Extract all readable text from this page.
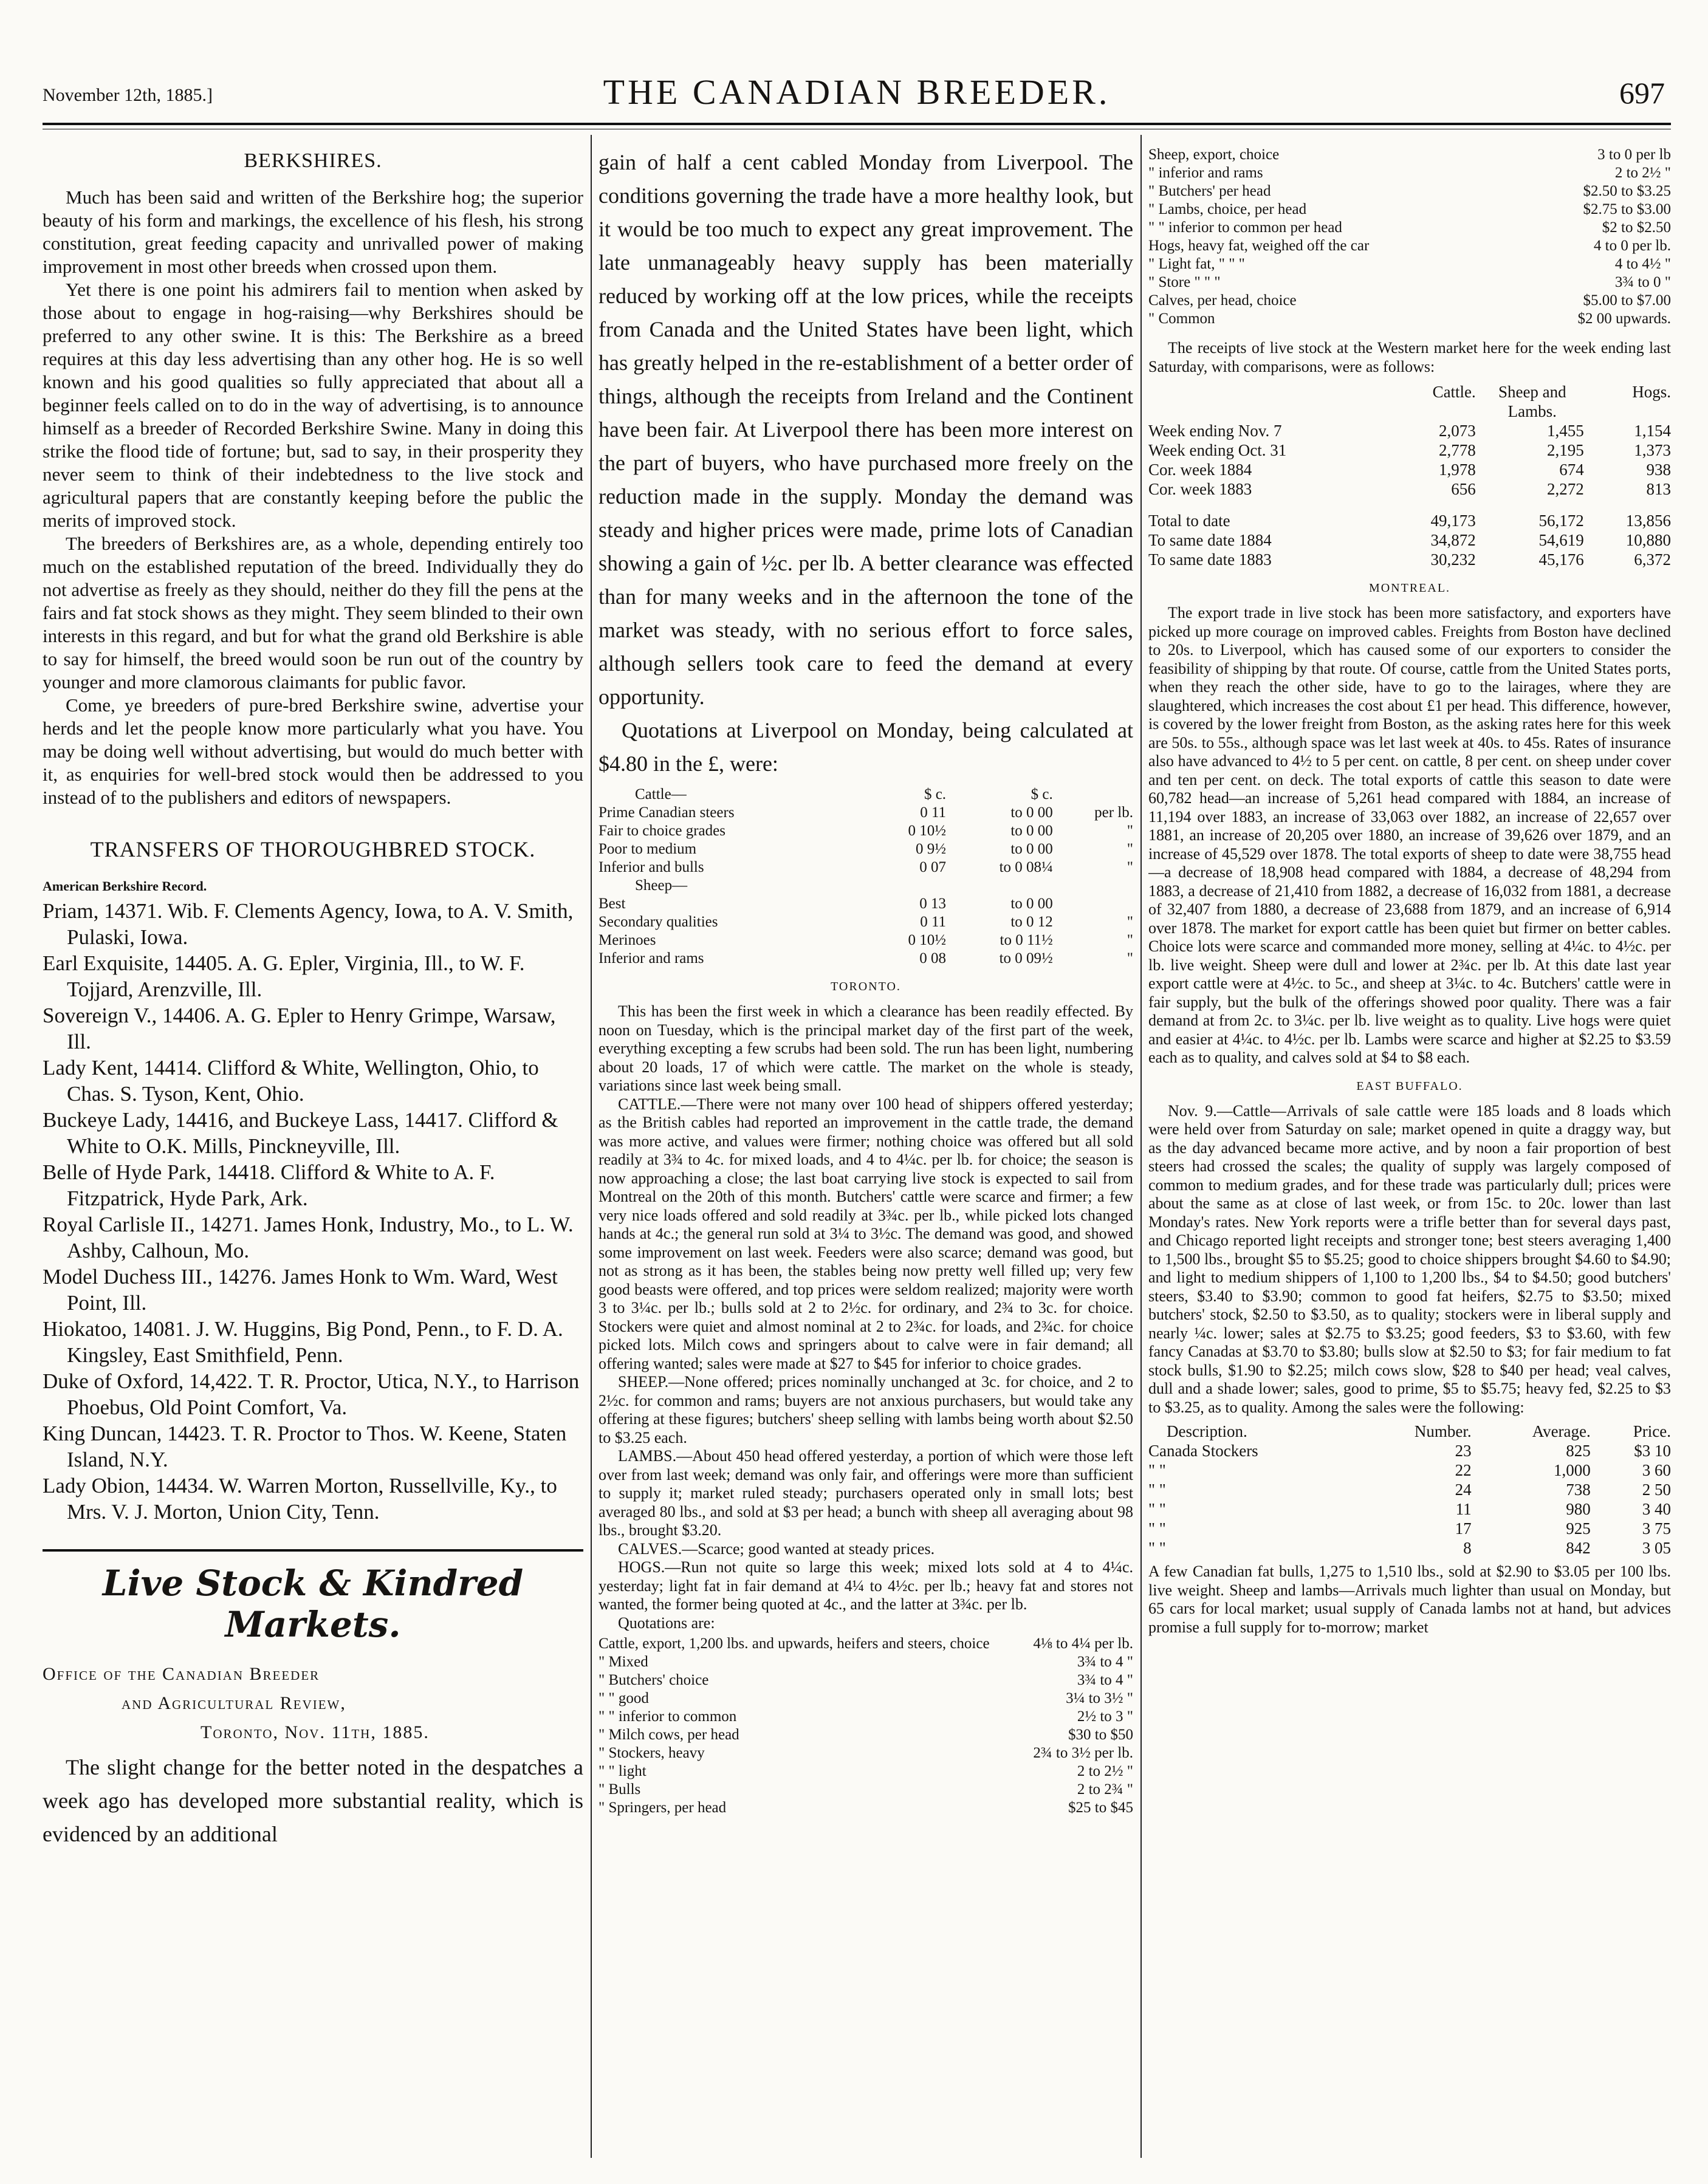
November 12th, 1885.]	THE CANADIAN BREEDER.	697
BERKSHIRES.

Much has been said and written of the Berkshire hog; the superior beauty of his form and markings, the excellence of his flesh, his strong constitution, great feeding capacity and unrivalled power of making improvement in most other breeds when crossed upon them.

Yet there is one point his admirers fail to mention when asked by those about to engage in hog-raising—why Berkshires should be preferred to any other swine. It is this: The Berkshire as a breed requires at this day less advertising than any other hog. He is so well known and his good qualities so fully appreciated that about all a beginner feels called on to do in the way of advertising, is to announce himself as a breeder of Recorded Berkshire Swine. Many in doing this strike the flood tide of fortune; but, sad to say, in their prosperity they never seem to think of their indebtedness to the live stock and agricultural papers that are constantly keeping before the public the merits of improved stock.

The breeders of Berkshires are, as a whole, depending entirely too much on the established reputation of the breed. Individually they do not advertise as freely as they should, neither do they fill the pens at the fairs and fat stock shows as they might. They seem blinded to their own interests in this regard, and but for what the grand old Berkshire is able to say for himself, the breed would soon be run out of the country by younger and more clamorous claimants for public favor.

Come, ye breeders of pure-bred Berkshire swine, advertise your herds and let the people know more particularly what you have. You may be doing well without advertising, but would do much better with it, as enquiries for well-bred stock would then be addressed to you instead of to the publishers and editors of newspapers.

TRANSFERS OF THOROUGHBRED STOCK.
American Berkshire Record.

Priam, 14371. Wib. F. Clements Agency, Iowa, to A. V. Smith, Pulaski, Iowa.

Earl Exquisite, 14405. A. G. Epler, Virginia, Ill., to W. F. Tojjard, Arenzville, Ill.

Sovereign V., 14406. A. G. Epler to Henry Grimpe, Warsaw, Ill.

Lady Kent, 14414. Clifford & White, Wellington, Ohio, to Chas. S. Tyson, Kent, Ohio.

Buckeye Lady, 14416, and Buckeye Lass, 14417. Clifford & White to O.K. Mills, Pinckneyville, Ill.

Belle of Hyde Park, 14418. Clifford & White to A. F. Fitzpatrick, Hyde Park, Ark.

Royal Carlisle II., 14271. James Honk, Industry, Mo., to L. W. Ashby, Calhoun, Mo.

Model Duchess III., 14276. James Honk to Wm. Ward, West Point, Ill.

Hiokatoo, 14081. J. W. Huggins, Big Pond, Penn., to F. D. A. Kingsley, East Smithfield, Penn.

Duke of Oxford, 14,422. T. R. Proctor, Utica, N.Y., to Harrison Phoebus, Old Point Comfort, Va.

King Duncan, 14423. T. R. Proctor to Thos. W. Keene, Staten Island, N.Y.

Lady Obion, 14434. W. Warren Morton, Russellville, Ky., to Mrs. V. J. Morton, Union City, Tenn.

Live Stock & Kindred Markets.
Office of the Canadian Breeder
and Agricultural Review,
Toronto, Nov. 11th, 1885.

The slight change for the better noted in the despatches a week ago has developed more substantial reality, which is evidenced by an additional

gain of half a cent cabled Monday from Liverpool. The conditions governing the trade have a more healthy look, but it would be too much to expect any great improvement. The late unmanageably heavy supply has been materially reduced by working off at the low prices, while the receipts from Canada and the United States have been light, which has greatly helped in the re-establishment of a better order of things, although the receipts from Ireland and the Continent have been fair. At Liverpool there has been more interest on the part of buyers, who have purchased more freely on the reduction made in the supply. Monday the demand was steady and higher prices were made, prime lots of Canadian showing a gain of ½c. per lb. A better clearance was effected than for many weeks and in the afternoon the tone of the market was steady, with no serious effort to force sales, although sellers took care to feed the demand at every opportunity.

Quotations at Liverpool on Monday, being calculated at $4.80 in the £, were:

Cattle—	$ c.	$ c.	
Prime Canadian steers	0 11	to 0 00	per lb.
Fair to choice grades	0 10½	to 0 00	"
Poor to medium	0 9½	to 0 00	"
Inferior and bulls	0 07	to 0 08¼	"
Sheep—			
Best	0 13	to 0 00	
Secondary qualities	0 11	to 0 12	"
Merinoes	0 10½	to 0 11½	"
Inferior and rams	0 08	to 0 09½	"
TORONTO.

This has been the first week in which a clearance has been readily effected. By noon on Tuesday, which is the principal market day of the first part of the week, everything excepting a few scrubs had been sold. The run has been light, numbering about 20 loads, 17 of which were cattle. The market on the whole is steady, variations since last week being small.

CATTLE.—There were not many over 100 head of shippers offered yesterday; as the British cables had reported an improvement in the cattle trade, the demand was more active, and values were firmer; nothing choice was offered but all sold readily at 3¾ to 4c. for mixed loads, and 4 to 4¼c. per lb. for choice; the season is now approaching a close; the last boat carrying live stock is expected to sail from Montreal on the 20th of this month. Butchers' cattle were scarce and firmer; a few very nice loads offered and sold readily at 3¾c. per lb., while picked lots changed hands at 4c.; the general run sold at 3¼ to 3½c. The demand was good, and showed some improvement on last week. Feeders were also scarce; demand was good, but not as strong as it has been, the stables being now pretty well filled up; very few good beasts were offered, and top prices were seldom realized; majority were worth 3 to 3¼c. per lb.; bulls sold at 2 to 2½c. for ordinary, and 2¾ to 3c. for choice. Stockers were quiet and almost nominal at 2 to 2¾c. for loads, and 2¾c. for choice picked lots. Milch cows and springers about to calve were in fair demand; all offering wanted; sales were made at $27 to $45 for inferior to choice grades.

SHEEP.—None offered; prices nominally unchanged at 3c. for choice, and 2 to 2½c. for common and rams; buyers are not anxious purchasers, but would take any offering at these figures; butchers' sheep selling with lambs being worth about $2.50 to $3.25 each.

LAMBS.—About 450 head offered yesterday, a portion of which were those left over from last week; demand was only fair, and offerings were more than sufficient to supply it; market ruled steady; purchasers operated only in small lots; best averaged 80 lbs., and sold at $3 per head; a bunch with sheep all averaging about 98 lbs., brought $3.20.

CALVES.—Scarce; good wanted at steady prices.

HOGS.—Run not quite so large this week; mixed lots sold at 4 to 4¼c. yesterday; light fat in fair demand at 4¼ to 4½c. per lb.; heavy fat and stores not wanted, the former being quoted at 4c., and the latter at 3¾c. per lb.

Quotations are:

Cattle, export, 1,200 lbs. and upwards, heifers and steers, choice	4⅛ to 4¼ per lb.
" Mixed	3¾ to 4 "
" Butchers' choice	3¾ to 4 "
" " good	3¼ to 3½ "
" " inferior to common	2½ to 3 "
" Milch cows, per head	$30 to $50
" Stockers, heavy	2¾ to 3½ per lb.
" " light	2 to 2½ "
" Bulls	2 to 2¾ "
" Springers, per head	$25 to $45
Sheep, export, choice	3 to 0 per lb
" inferior and rams	2 to 2½ "
" Butchers' per head	$2.50 to $3.25
" Lambs, choice, per head	$2.75 to $3.00
" " inferior to common per head	$2 to $2.50
Hogs, heavy fat, weighed off the car	4 to 0 per lb.
" Light fat, " " "	4 to 4½ "
" Store " " "	3¾ to 0 "
Calves, per head, choice	$5.00 to $7.00
" Common	$2 00 upwards.

The receipts of live stock at the Western market here for the week ending last Saturday, with comparisons, were as follows:

	Cattle.	Sheep and Lambs.	Hogs.
Week ending Nov. 7	2,073	1,455	1,154
Week ending Oct. 31	2,778	2,195	1,373
Cor. week 1884	1,978	674	938
Cor. week 1883	656	2,272	813
Total to date	49,173	56,172	13,856
To same date 1884	34,872	54,619	10,880
To same date 1883	30,232	45,176	6,372
MONTREAL.

The export trade in live stock has been more satisfactory, and exporters have picked up more courage on improved cables. Freights from Boston have declined to 20s. to Liverpool, which has caused some of our exporters to consider the feasibility of shipping by that route. Of course, cattle from the United States ports, when they reach the other side, have to go to the lairages, where they are slaughtered, which increases the cost about £1 per head. This difference, however, is covered by the lower freight from Boston, as the asking rates here for this week are 50s. to 55s., although space was let last week at 40s. to 45s. Rates of insurance also have advanced to 4½ to 5 per cent. on cattle, 8 per cent. on sheep under cover and ten per cent. on deck. The total exports of cattle this season to date were 60,782 head—an increase of 5,261 head compared with 1884, an increase of 11,194 over 1883, an increase of 33,063 over 1882, an increase of 22,657 over 1881, an increase of 20,205 over 1880, an increase of 39,626 over 1879, and an increase of 45,529 over 1878. The total exports of sheep to date were 38,755 head—a decrease of 18,908 head compared with 1884, a decrease of 48,294 from 1883, a decrease of 21,410 from 1882, a decrease of 16,032 from 1881, a decrease of 32,407 from 1880, a decrease of 23,688 from 1879, and an increase of 6,914 over 1878. The market for export cattle has been quiet but firmer on better cables. Choice lots were scarce and commanded more money, selling at 4¼c. to 4½c. per lb. live weight. Sheep were dull and lower at 2¾c. per lb. At this date last year export cattle were at 4½c. to 5c., and sheep at 3¼c. to 4c. Butchers' cattle were in fair supply, but the bulk of the offerings showed poor quality. There was a fair demand at from 2c. to 3¼c. per lb. live weight as to quality. Live hogs were quiet and easier at 4¼c. to 4½c. per lb. Lambs were scarce and higher at $2.25 to $3.59 each as to quality, and calves sold at $4 to $8 each.

EAST BUFFALO.

Nov. 9.—Cattle—Arrivals of sale cattle were 185 loads and 8 loads which were held over from Saturday on sale; market opened in quite a draggy way, but as the day advanced became more active, and by noon a fair proportion of best steers had crossed the scales; the quality of supply was largely composed of common to medium grades, and for these trade was particularly dull; prices were about the same as at close of last week, or from 15c. to 20c. lower than last Monday's rates. New York reports were a trifle better than for several days past, and Chicago reported light receipts and stronger tone; best steers averaging 1,400 to 1,500 lbs., brought $5 to $5.25; good to choice shippers brought $4.60 to $4.90; and light to medium shippers of 1,100 to 1,200 lbs., $4 to $4.50; good butchers' steers, $3.40 to $3.90; common to good fat heifers, $2.75 to $3.50; mixed butchers' stock, $2.50 to $3.50, as to quality; stockers were in liberal supply and nearly ¼c. lower; sales at $2.75 to $3.25; good feeders, $3 to $3.60, with few fancy Canadas at $3.70 to $3.80; bulls slow at $2.50 to $3; for fair medium to fat stock bulls, $1.90 to $2.25; milch cows slow, $28 to $40 per head; veal calves, dull and a shade lower; sales, good to prime, $5 to $5.75; heavy fed, $2.25 to $3 to $3.25, as to quality. Among the sales were the following:

Description.	Number.	Average.	Price.
Canada Stockers	23	825	$3 10
" "	22	1,000	3 60
" "	24	738	2 50
" "	11	980	3 40
" "	17	925	3 75
" "	8	842	3 05

A few Canadian fat bulls, 1,275 to 1,510 lbs., sold at $2.90 to $3.05 per 100 lbs. live weight. Sheep and lambs—Arrivals much lighter than usual on Monday, but 65 cars for local market; usual supply of Canada lambs not at hand, but advices promise a full supply for to-morrow; market
